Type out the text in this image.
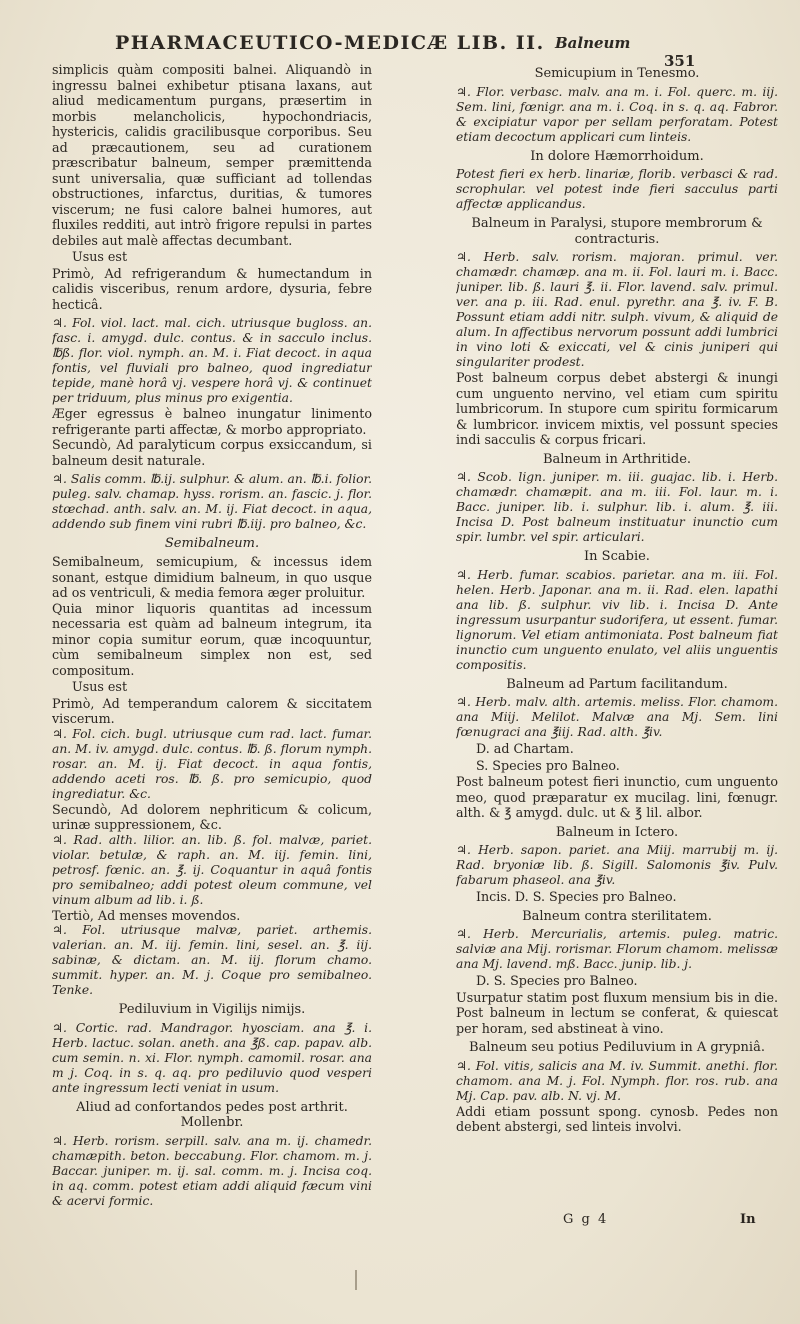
PHARMACEUTICO-MEDICÆ LIB. II. Balneum
351

simplicis quàm compositi balnei. Aliquandò in ingressu balnei exhibetur ptisana laxans, aut aliud medicamentum purgans, præsertim in morbis melancholicis, hypochondriacis, hystericis, calidis gracilibusque corporibus. Seu ad præcautionem, seu ad curationem præscribatur balneum, semper præmittenda sunt universalia, quæ sufficiant ad tollendas obstructiones, infarctus, duritias, & tumores viscerum; ne fusi calore balnei humores, aut fluxiles redditi, aut intrò frigore repulsi in partes debiles aut malè affectas decumbant.

Usus est

Primò, Ad refrigerandum & humectandum in calidis visceribus, renum ardore, dysuria, febre hecticâ.

♃. Fol. viol. lact. mal. cich. utriusque bugloss. an. fasc. i. amygd. dulc. contus. & in sacculo inclus. ℔ß. flor. viol. nymph. an. M. i. Fiat decoct. in aqua fontis, vel fluviali pro balneo, quod ingrediatur tepide, manè horâ vj. vespere horâ vj. & continuet per triduum, plus minus pro exigentia.

Æger egressus è balneo inungatur linimento refrigerante parti affectæ, & morbo appropriato.

Secundò, Ad paralyticum corpus exsiccandum, si balneum desit naturale.

♃. Salis comm. ℔.ij. sulphur. & alum. an. ℔.i. folior. puleg. salv. chamap. hyss. rorism. an. fasciс. j. flor. stœchad. anth. salv. an. M. ij. Fiat decoct. in aqua, addendo sub finem vini rubri ℔.iij. pro balneo, &c.

Semibalneum.

Semibalneum, semicupium, & incessus idem sonant, estque dimidium balneum, in quo usque ad os ventriculi, & media femora æger proluitur.

Quia minor liquoris quantitas ad incessum necessaria est quàm ad balneum integrum, ita minor copia sumitur eorum, quæ incoquuntur, cùm semibalneum simplex non est, sed compositum.

Usus est

Primò, Ad temperandum calorem & siccitatem viscerum.

♃. Fol. cich. bugl. utriusque cum rad. lact. fumar. an. M. iv. amygd. dulc. contus. ℔. ß. florum nymph. rosar. an. M. ij. Fiat decoct. in aqua fontis, addendo aceti ros. ℔. ß. pro semicupio, quod ingrediatur. &c.

Secundò, Ad dolorem nephriticum & colicum, urinæ suppressionem, &c.

♃. Rad. alth. lilior. an. lib. ß. fol. malvæ, pariet. violar. betulæ, & raph. an. M. iij. femin. lini, petrosf. fœnic. an. ℥. ij. Coquantur in aquâ fontis pro semibalneo; addi potest oleum commune, vel vinum album ad lib. i. ß.

Tertiò, Ad menses movendos.

♃. Fol. utriusque malvæ, pariet. arthemis. valerian. an. M. iij. femin. lini, sesel. an. ℥. iij. sabinæ, & dictam. an. M. iij. florum chamo. summit. hyper. an. M. j. Coque pro semibalneo. Tenke.

Pediluvium in Vigilijs nimijs.

♃. Cortic. rad. Mandragor. hyosciam. ana ℥. i. Herb. lactuc. solan. aneth. ana ℥ß. cap. papav. alb. cum semin. n. xi. Flor. nymph. camomil. rosar. ana m j. Coq. in s. q. aq. pro pediluvio quod vesperi ante ingressum lecti veniat in usum.

Aliud ad confortandos pedes post arthrit. Mollenbr.

♃. Herb. rorism. serpill. salv. ana m. ij. chamedr. chamæpith. beton. beccabung. Flor. chamom. m. j. Baccar. juniper. m. ij. sal. comm. m. j. Incisa coq. in aq. comm. potest etiam addi aliquid fæcum vini & acervi formic.

Semicupium in Tenesmo.

♃. Flor. verbasc. malv. ana m. i. Fol. querc. m. iij. Sem. lini, fœnigr. ana m. i. Coq. in s. q. aq. Fabror. & excipiatur vapor per sellam perforatam. Potest etiam decoctum applicari cum linteis.

In dolore Hæmorrhoidum.

Potest fieri ex herb. linariæ, florib. verbasci & rad. scrophular. vel potest inde fieri sacculus parti affectæ applicandus.

Balneum in Paralysi, stupore membrorum & contracturis.

♃. Herb. salv. rorism. majoran. primul. ver. chamædr. chamæp. ana m. ii. Fol. lauri m. i. Bacc. juniper. lib. ß. lauri ℥. ii. Flor. lavend. salv. primul. ver. ana p. iii. Rad. enul. pyrethr. ana ℥. iv. F. B. Possunt etiam addi nitr. sulph. vivum, & aliquid de alum. In affectibus nervorum possunt addi lumbrici in vino loti & exiccati, vel & cinis juniperi qui singulariter prodest.

Post balneum corpus debet abstergi & inungi cum unguento nervino, vel etiam cum spiritu lumbricorum. In stupore cum spiritu formicarum & lumbricor. invicem mixtis, vel possunt species indi sacculis & corpus fricari.

Balneum in Arthritide.

♃. Scob. lign. juniper. m. iii. guajac. lib. i. Herb. chamædr. chamæpit. ana m. iii. Fol. laur. m. i. Bacc. juniper. lib. i. sulphur. lib. i. alum. ℥. iii. Incisa D. Post balneum instituatur inunctio cum spir. lumbr. vel spir. articulari.

In Scabie.

♃. Herb. fumar. scabios. parietar. ana m. iii. Fol. helen. Herb. Japonar. ana m. ii. Rad. elen. lapathi ana lib. ß. sulphur. viv lib. i. Incisa D. Ante ingressum usurpantur sudorifera, ut essent. fumar. lignorum. Vel etiam antimoniata. Post balneum fiat inunctio cum unguento enulato, vel aliis unguentis compositis.

Balneum ad Partum facilitandum.

♃. Herb. malv. alth. artemis. meliss. Flor. chamom. ana Miij. Melilot. Malvæ ana Mj. Sem. lini fœnugraci ana ℥iij. Rad. alth. ℥iv.

D. ad Chartam.

S. Species pro Balneo.

Post balneum potest fieri inunctio, cum unguento meo, quod præparatur ex mucilag. lini, fœnugr. alth. & ℥ amygd. dulc. ut & ℥ lil. albor.

Balneum in Ictero.

♃. Herb. sapon. pariet. ana Miij. marrubij m. ij. Rad. bryoniæ lib. ß. Sigill. Salomonis ℥iv. Pulv. fabarum phaseol. ana ℥iv.

Incis. D. S. Species pro Balneo.

Balneum contra sterilitatem.

♃. Herb. Mercurialis, artemis. puleg. matric. salviæ ana Mij. rorismar. Florum chamom. melissæ ana Mj. lavend. mß. Bacc. junip. lib. j.

D. S. Species pro Balneo.

Usurpatur statim post fluxum mensium bis in die. Post balneum in lectum se conferat, & quiescat per horam, sed abstineat à vino.

Balneum seu potius Pediluvium in A grypniâ.

♃. Fol. vitis, salicis ana M. iv. Summit. anethi. flor. chamom. ana M. j. Fol. Nymph. flor. ros. rub. ana Mj. Cap. pav. alb. N. vj. M.

Addi etiam possunt spong. cynosb. Pedes non debent abstergi, sed linteis involvi.

G g 4	In
